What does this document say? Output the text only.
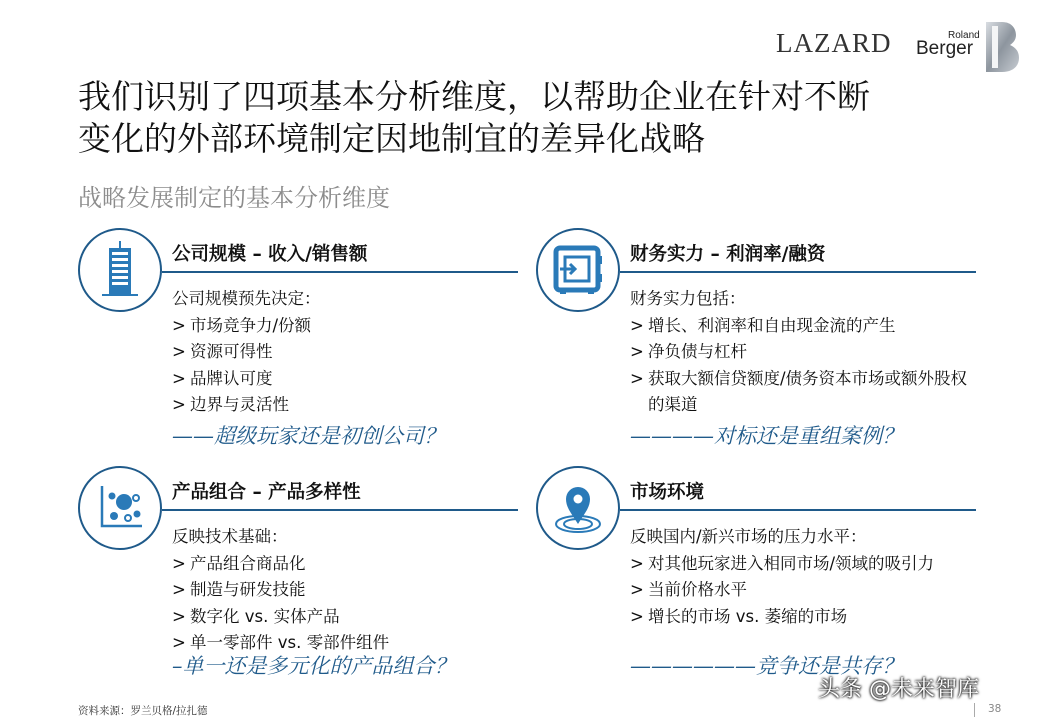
LAZARD	Roland
Berger
我们识别了四项基本分析维度，以帮助企业在针对不断
变化的外部环境制定因地制宜的差异化战略
战略发展制定的基本分析维度
公司规模 – 收入/销售额

公司规模预先决定：

> 市场竞争力/份额
> 资源可得性
> 品牌认可度
> 边界与灵活性
——超级玩家还是初创公司？
财务实力 – 利润率/融资

财务实力包括：

> 增长、利润率和自由现金流的产生
> 净负债与杠杆
> 获取大额信贷额度/债务资本市场或额外股权的渠道
————对标还是重组案例？
产品组合 – 产品多样性

反映技术基础：

> 产品组合商品化
> 制造与研发技能
> 数字化 vs. 实体产品
> 单一零部件 vs. 零部件组件
–单一还是多元化的产品组合？
市场环境

反映国内/新兴市场的压力水平：

> 对其他玩家进入相同市场/领域的吸引力
> 当前价格水平
> 增长的市场 vs. 萎缩的市场
——————竞争还是共存？
资料来源：罗兰贝格/拉扎德	38
头条 @未来智库
